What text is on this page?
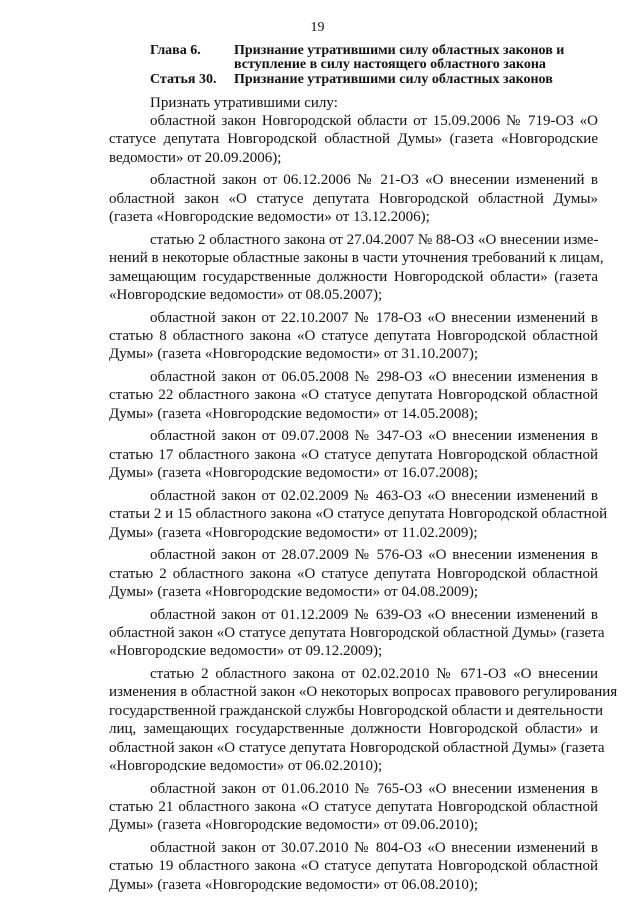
19
Глава 6. Признание утратившими силу областных законов и вступление в силу настоящего областного закона
Статья 30. Признание утратившими силу областных законов
Признать утратившими силу:
областной закон Новгородской области от 15.09.2006 № 719-ОЗ «О
статусе депутата Новгородской областной Думы» (газета «Новгородские
ведомости» от 20.09.2006);
областной закон от 06.12.2006 № 21-ОЗ «О внесении изменений в
областной закон «О статусе депутата Новгородской областной Думы»
(газета «Новгородские ведомости» от 13.12.2006);
статью 2 областного закона от 27.04.2007 № 88-ОЗ «О внесении изме-
нений в некоторые областные законы в части уточнения требований к лицам,
замещающим государственные должности Новгородской области» (газета
«Новгородские ведомости» от 08.05.2007);
областной закон от 22.10.2007 № 178-ОЗ «О внесении изменений в
статью 8 областного закона «О статусе депутата Новгородской областной
Думы» (газета «Новгородские ведомости» от 31.10.2007);
областной закон от 06.05.2008 № 298-ОЗ «О внесении изменения в
статью 22 областного закона «О статусе депутата Новгородской областной
Думы» (газета «Новгородские ведомости» от 14.05.2008);
областной закон от 09.07.2008 № 347-ОЗ «О внесении изменения в
статью 17 областного закона «О статусе депутата Новгородской областной
Думы» (газета «Новгородские ведомости» от 16.07.2008);
областной закон от 02.02.2009 № 463-ОЗ «О внесении изменений в
статьи 2 и 15 областного закона «О статусе депутата Новгородской областной
Думы» (газета «Новгородские ведомости» от 11.02.2009);
областной закон от 28.07.2009 № 576-ОЗ «О внесении изменения в
статью 2 областного закона «О статусе депутата Новгородской областной
Думы» (газета «Новгородские ведомости» от 04.08.2009);
областной закон от 01.12.2009 № 639-ОЗ «О внесении изменений в
областной закон «О статусе депутата Новгородской областной Думы» (газета
«Новгородские ведомости» от 09.12.2009);
статью 2 областного закона от 02.02.2010 № 671-ОЗ «О внесении
изменения в областной закон «О некоторых вопросах правового регулирования
государственной гражданской службы Новгородской области и деятельности
лиц, замещающих государственные должности Новгородской области» и
областной закон «О статусе депутата Новгородской областной Думы» (газета
«Новгородские ведомости» от 06.02.2010);
областной закон от 01.06.2010 № 765-ОЗ «О внесении изменения в
статью 21 областного закона «О статусе депутата Новгородской областной
Думы» (газета «Новгородские ведомости» от 09.06.2010);
областной закон от 30.07.2010 № 804-ОЗ «О внесении изменений в
статью 19 областного закона «О статусе депутата Новгородской областной
Думы» (газета «Новгородские ведомости» от 06.08.2010);
